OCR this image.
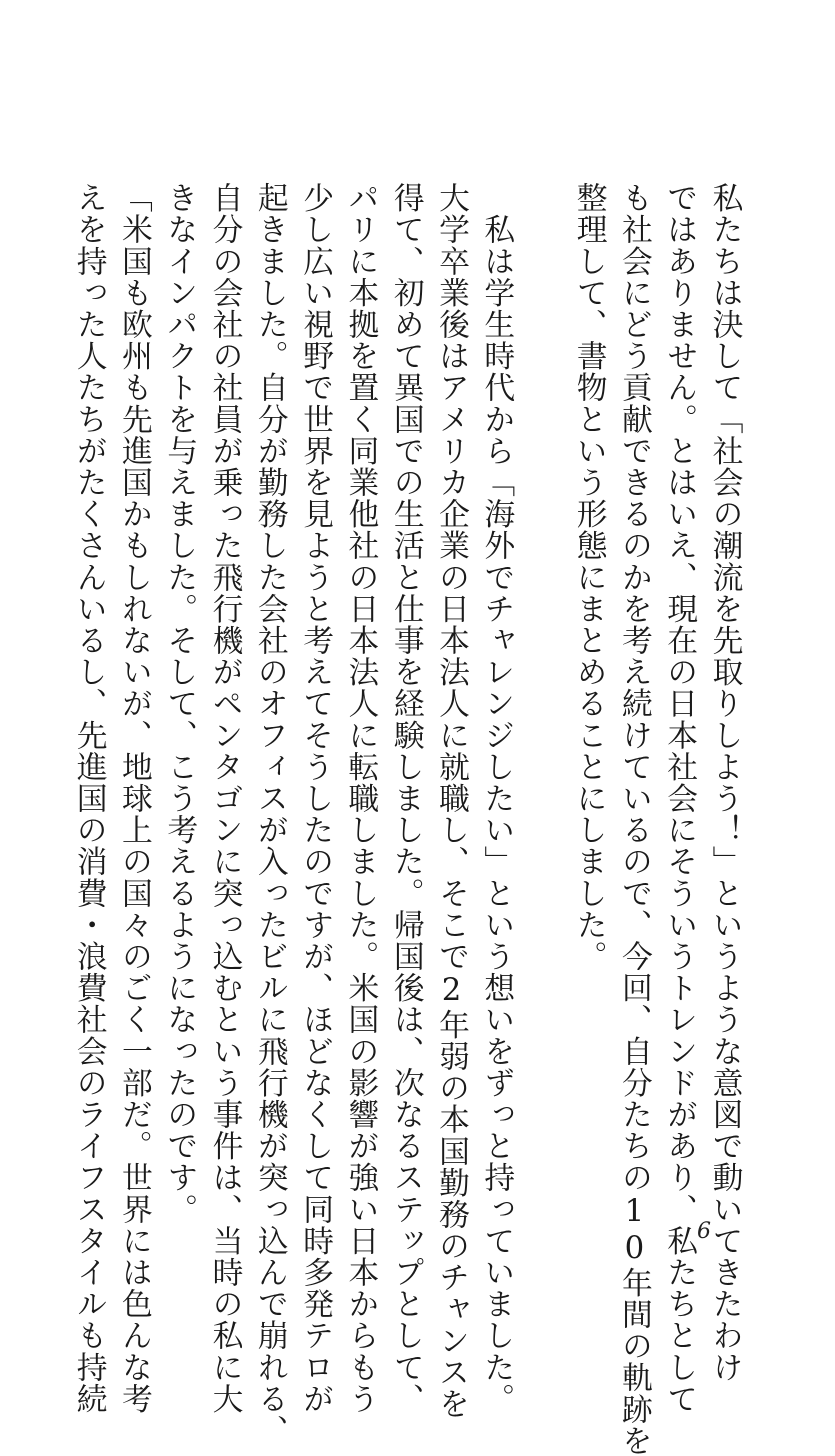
私たちは決して「社会の潮流を先取りしよう！」というような意図で動いてきたわけ
ではありません。とはいえ、現在の日本社会にそういうトレンドがあり、私たちとして
も社会にどう貢献できるのかを考え続けているので、今回、自分たちの10年間の軌跡を
整理して、書物という形態にまとめることにしました。
　私は学生時代から「海外でチャレンジしたい」という想いをずっと持っていました。
大学卒業後はアメリカ企業の日本法人に就職し、そこで2年弱の本国勤務のチャンスを
得て、初めて異国での生活と仕事を経験しました。帰国後は、次なるステップとして、
パリに本拠を置く同業他社の日本法人に転職しました。米国の影響が強い日本からもう
少し広い視野で世界を見ようと考えてそうしたのですが、ほどなくして同時多発テロが
起きました。自分が勤務した会社のオフィスが入ったビルに飛行機が突っ込んで崩れる、
自分の会社の社員が乗った飛行機がペンタゴンに突っ込むという事件は、当時の私に大
きなインパクトを与えました。そして、こう考えるようになったのです。
「米国も欧州も先進国かもしれないが、地球上の国々のごく一部だ。世界には色んな考
えを持った人たちがたくさんいるし、先進国の消費・浪費社会のライフスタイルも持続	6
